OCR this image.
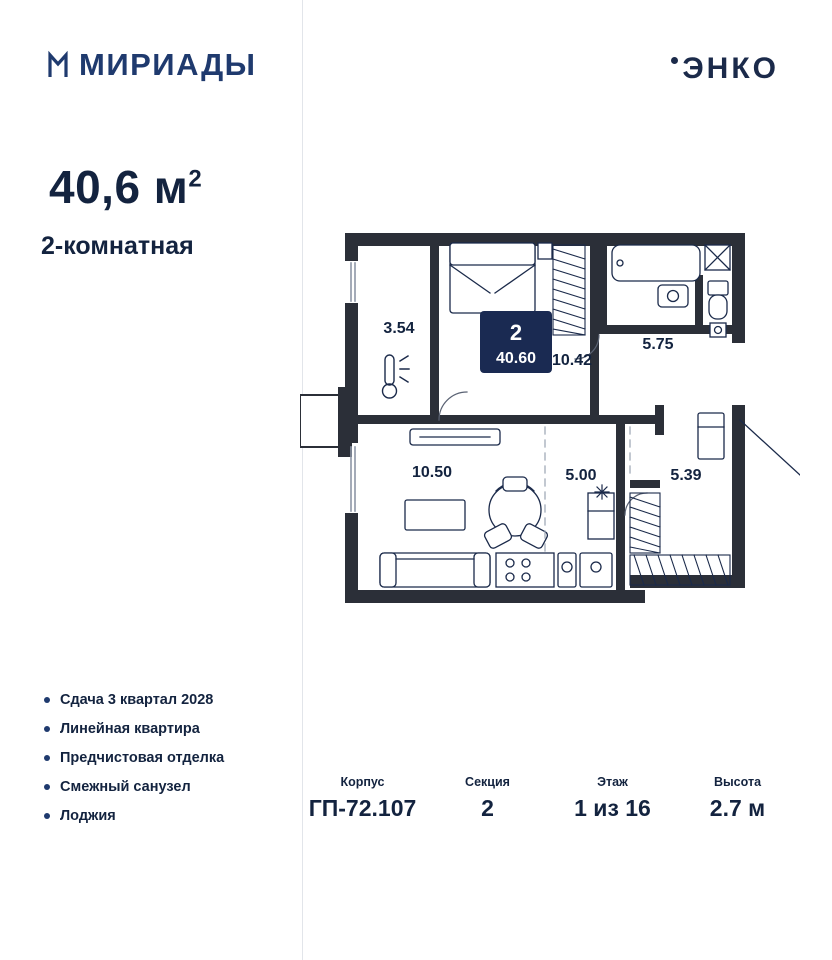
МИРИАДЫ	ЭНКО
40,6 $м^2$
2-комнатная
Сдача 3 квартал 2028
Линейная квартира
Предчистовая отделка
Смежный санузел
Лоджия
Корпус
ГП-72.107
Секция
2
Этаж
1 из 16
Высота
2.7 м
2
40.60
3.54
10.42
5.75
10.50	5.00	5.39
